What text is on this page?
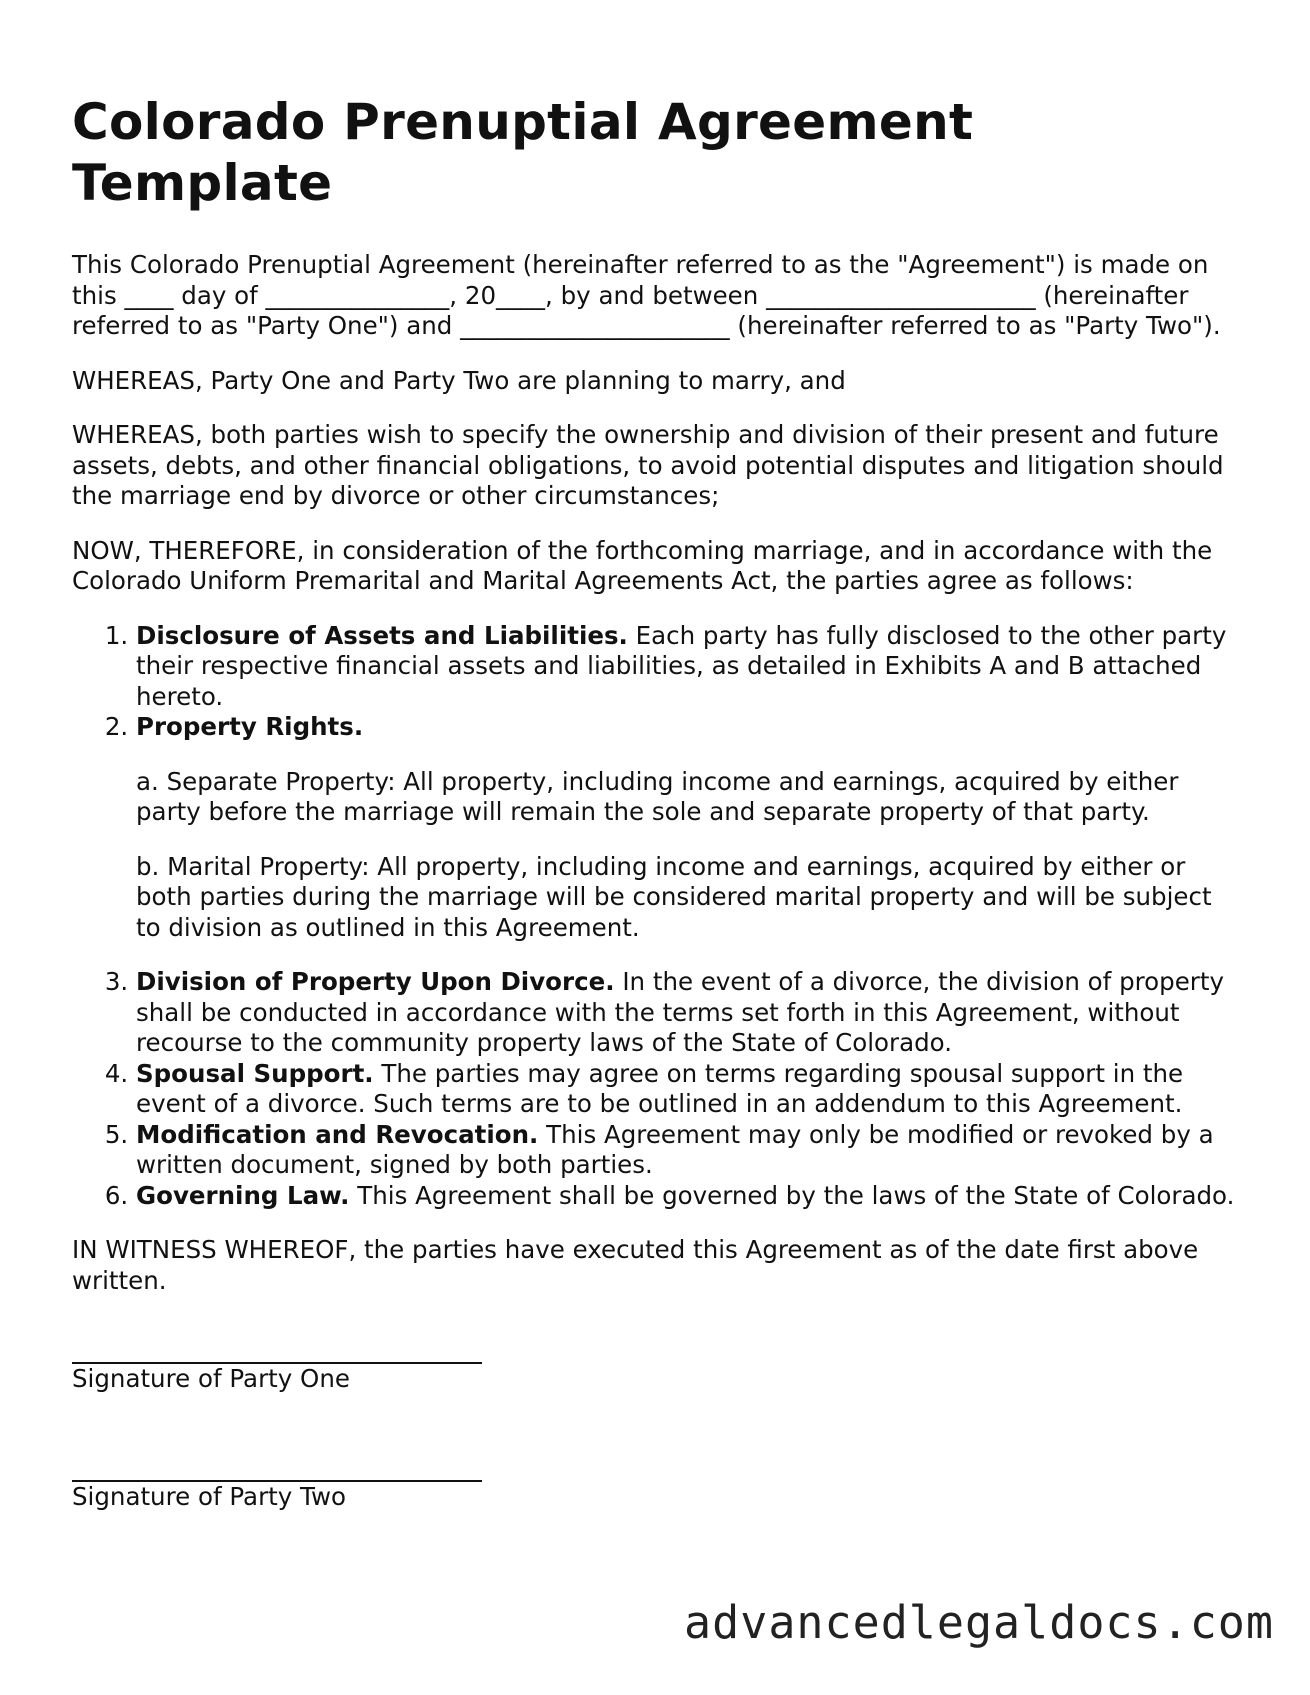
Colorado Prenuptial Agreement Template

This Colorado Prenuptial Agreement (hereinafter referred to as the "Agreement") is made on this ____ day of _______________, 20____, by and between ______________________ (hereinafter referred to as "Party One") and ______________________ (hereinafter referred to as "Party Two").

WHEREAS, Party One and Party Two are planning to marry, and

WHEREAS, both parties wish to specify the ownership and division of their present and future assets, debts, and other financial obligations, to avoid potential disputes and litigation should the marriage end by divorce or other circumstances;

NOW, THEREFORE, in consideration of the forthcoming marriage, and in accordance with the Colorado Uniform Premarital and Marital Agreements Act, the parties agree as follows:

1. Disclosure of Assets and Liabilities. Each party has fully disclosed to the other party their respective financial assets and liabilities, as detailed in Exhibits A and B attached hereto.
2. Property Rights.

a. Separate Property: All property, including income and earnings, acquired by either party before the marriage will remain the sole and separate property of that party.

b. Marital Property: All property, including income and earnings, acquired by either or both parties during the marriage will be considered marital property and will be subject to division as outlined in this Agreement.

3. Division of Property Upon Divorce. In the event of a divorce, the division of property shall be conducted in accordance with the terms set forth in this Agreement, without recourse to the community property laws of the State of Colorado.
4. Spousal Support. The parties may agree on terms regarding spousal support in the event of a divorce. Such terms are to be outlined in an addendum to this Agreement.
5. Modification and Revocation. This Agreement may only be modified or revoked by a written document, signed by both parties.
6. Governing Law. This Agreement shall be governed by the laws of the State of Colorado.

IN WITNESS WHEREOF, the parties have executed this Agreement as of the date first above written.

Signature of Party One
Signature of Party Two
advancedlegaldocs.com
